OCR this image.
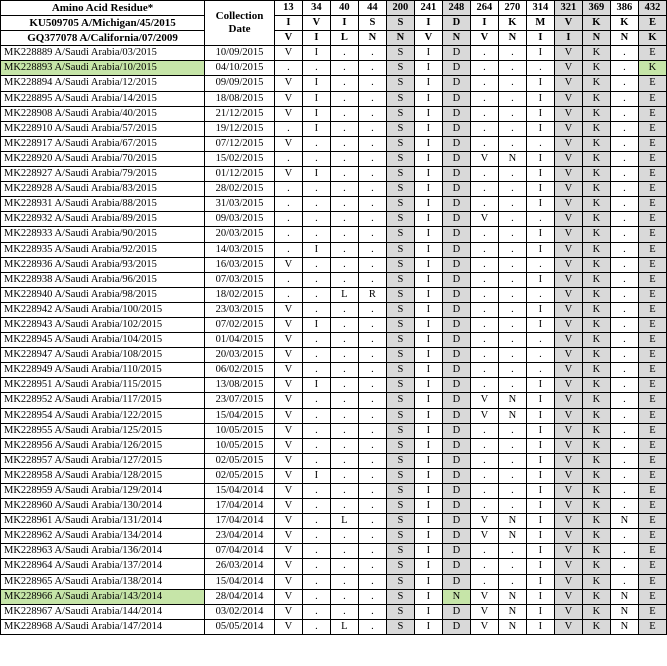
Amino Acid Residue*	Collection Date	13	34	40	44	200	241	248	264	270	314	321	369	386	432
KU509705 A/Michigan/45/2015		I	V	I	S	S	I	D	I	K	M	V	K	K	E
GQ377078 A/California/07/2009		V	I	L	N	N	V	N	V	N	I	I	N	N	K
MK228889 A/Saudi Arabia/03/2015	10/09/2015	V	I	.	.	S	I	D	.	.	I	V	K	.	E
MK228893 A/Saudi Arabia/10/2015	04/10/2015	.	.	.	.	S	I	D	.	.	.	V	K	.	K
MK228894 A/Saudi Arabia/12/2015	09/09/2015	V	I	.	.	S	I	D	.	.	I	V	K	.	E
MK228895 A/Saudi Arabia/14/2015	18/08/2015	V	I	.	.	S	I	D	.	.	I	V	K	.	E
MK228908 A/Saudi Arabia/40/2015	21/12/2015	V	I	.	.	S	I	D	.	.	I	V	K	.	E
MK228910 A/Saudi Arabia/57/2015	19/12/2015	.	I	.	.	S	I	D	.	.	I	V	K	.	E
MK228917 A/Saudi Arabia/67/2015	07/12/2015	V	.	.	.	S	I	D	.	.	.	V	K	.	E
MK228920 A/Saudi Arabia/70/2015	15/02/2015	.	.	.	.	S	I	D	V	N	I	V	K	.	E
MK228927 A/Saudi Arabia/79/2015	01/12/2015	V	I	.	.	S	I	D	.	.	I	V	K	.	E
MK228928 A/Saudi Arabia/83/2015	28/02/2015	.	.	.	.	S	I	D	.	.	I	V	K	.	E
MK228931 A/Saudi Arabia/88/2015	31/03/2015	.	.	.	.	S	I	D	.	.	I	V	K	.	E
MK228932 A/Saudi Arabia/89/2015	09/03/2015	.	.	.	.	S	I	D	V	.	.	V	K	.	E
MK228933 A/Saudi Arabia/90/2015	20/03/2015	.	.	.	.	S	I	D	.	.	I	V	K	.	E
MK228935 A/Saudi Arabia/92/2015	14/03/2015	.	I	.	.	S	I	D	.	.	I	V	K	.	E
MK228936 A/Saudi Arabia/93/2015	16/03/2015	V	.	.	.	S	I	D	.	.	.	V	K	.	E
MK228938 A/Saudi Arabia/96/2015	07/03/2015	.	.	.	.	S	I	D	.	.	I	V	K	.	E
MK228940 A/Saudi Arabia/98/2015	18/02/2015	.	.	L	R	S	I	D	.	.	.	V	K	.	E
MK228942 A/Saudi Arabia/100/2015	23/03/2015	V	.	.	.	S	I	D	.	.	I	V	K	.	E
MK228943 A/Saudi Arabia/102/2015	07/02/2015	V	I	.	.	S	I	D	.	.	I	V	K	.	E
MK228945 A/Saudi Arabia/104/2015	01/04/2015	V	.	.	.	S	I	D	.	.	.	V	K	.	E
MK228947 A/Saudi Arabia/108/2015	20/03/2015	V	.	.	.	S	I	D	.	.	.	V	K	.	E
MK228949 A/Saudi Arabia/110/2015	06/02/2015	V	.	.	.	S	I	D	.	.	.	V	K	.	E
MK228951 A/Saudi Arabia/115/2015	13/08/2015	V	I	.	.	S	I	D	.	.	I	V	K	.	E
MK228952 A/Saudi Arabia/117/2015	23/07/2015	V	.	.	.	S	I	D	V	N	I	V	K	.	E
MK228954 A/Saudi Arabia/122/2015	15/04/2015	V	.	.	.	S	I	D	V	N	I	V	K	.	E
MK228955 A/Saudi Arabia/125/2015	10/05/2015	V	.	.	.	S	I	D	.	.	I	V	K	.	E
MK228956 A/Saudi Arabia/126/2015	10/05/2015	V	.	.	.	S	I	D	.	.	I	V	K	.	E
MK228957 A/Saudi Arabia/127/2015	02/05/2015	V	.	.	.	S	I	D	.	.	I	V	K	.	E
MK228958 A/Saudi Arabia/128/2015	02/05/2015	V	I	.	.	S	I	D	.	.	I	V	K	.	E
MK228959 A/Saudi Arabia/129/2014	15/04/2014	V	.	.	.	S	I	D	.	.	I	V	K	.	E
MK228960 A/Saudi Arabia/130/2014	17/04/2014	V	.	.	.	S	I	D	.	.	I	V	K	.	E
MK228961 A/Saudi Arabia/131/2014	17/04/2014	V	.	L	.	S	I	D	V	N	I	V	K	N	E
MK228962 A/Saudi Arabia/134/2014	23/04/2014	V	.	.	.	S	I	D	V	N	I	V	K	.	E
MK228963 A/Saudi Arabia/136/2014	07/04/2014	V	.	.	.	S	I	D	.	.	I	V	K	.	E
MK228964 A/Saudi Arabia/137/2014	26/03/2014	V	.	.	.	S	I	D	.	.	I	V	K	.	E
MK228965 A/Saudi Arabia/138/2014	15/04/2014	V	.	.	.	S	I	D	.	.	I	V	K	.	E
MK228966 A/Saudi Arabia/143/2014	28/04/2014	V	.	.	.	S	I	N	V	N	I	V	K	N	E
MK228967 A/Saudi Arabia/144/2014	03/02/2014	V	.	.	.	S	I	D	V	N	I	V	K	N	E
MK228968 A/Saudi Arabia/147/2014	05/05/2014	V	.	L	.	S	I	D	V	N	I	V	K	N	E
